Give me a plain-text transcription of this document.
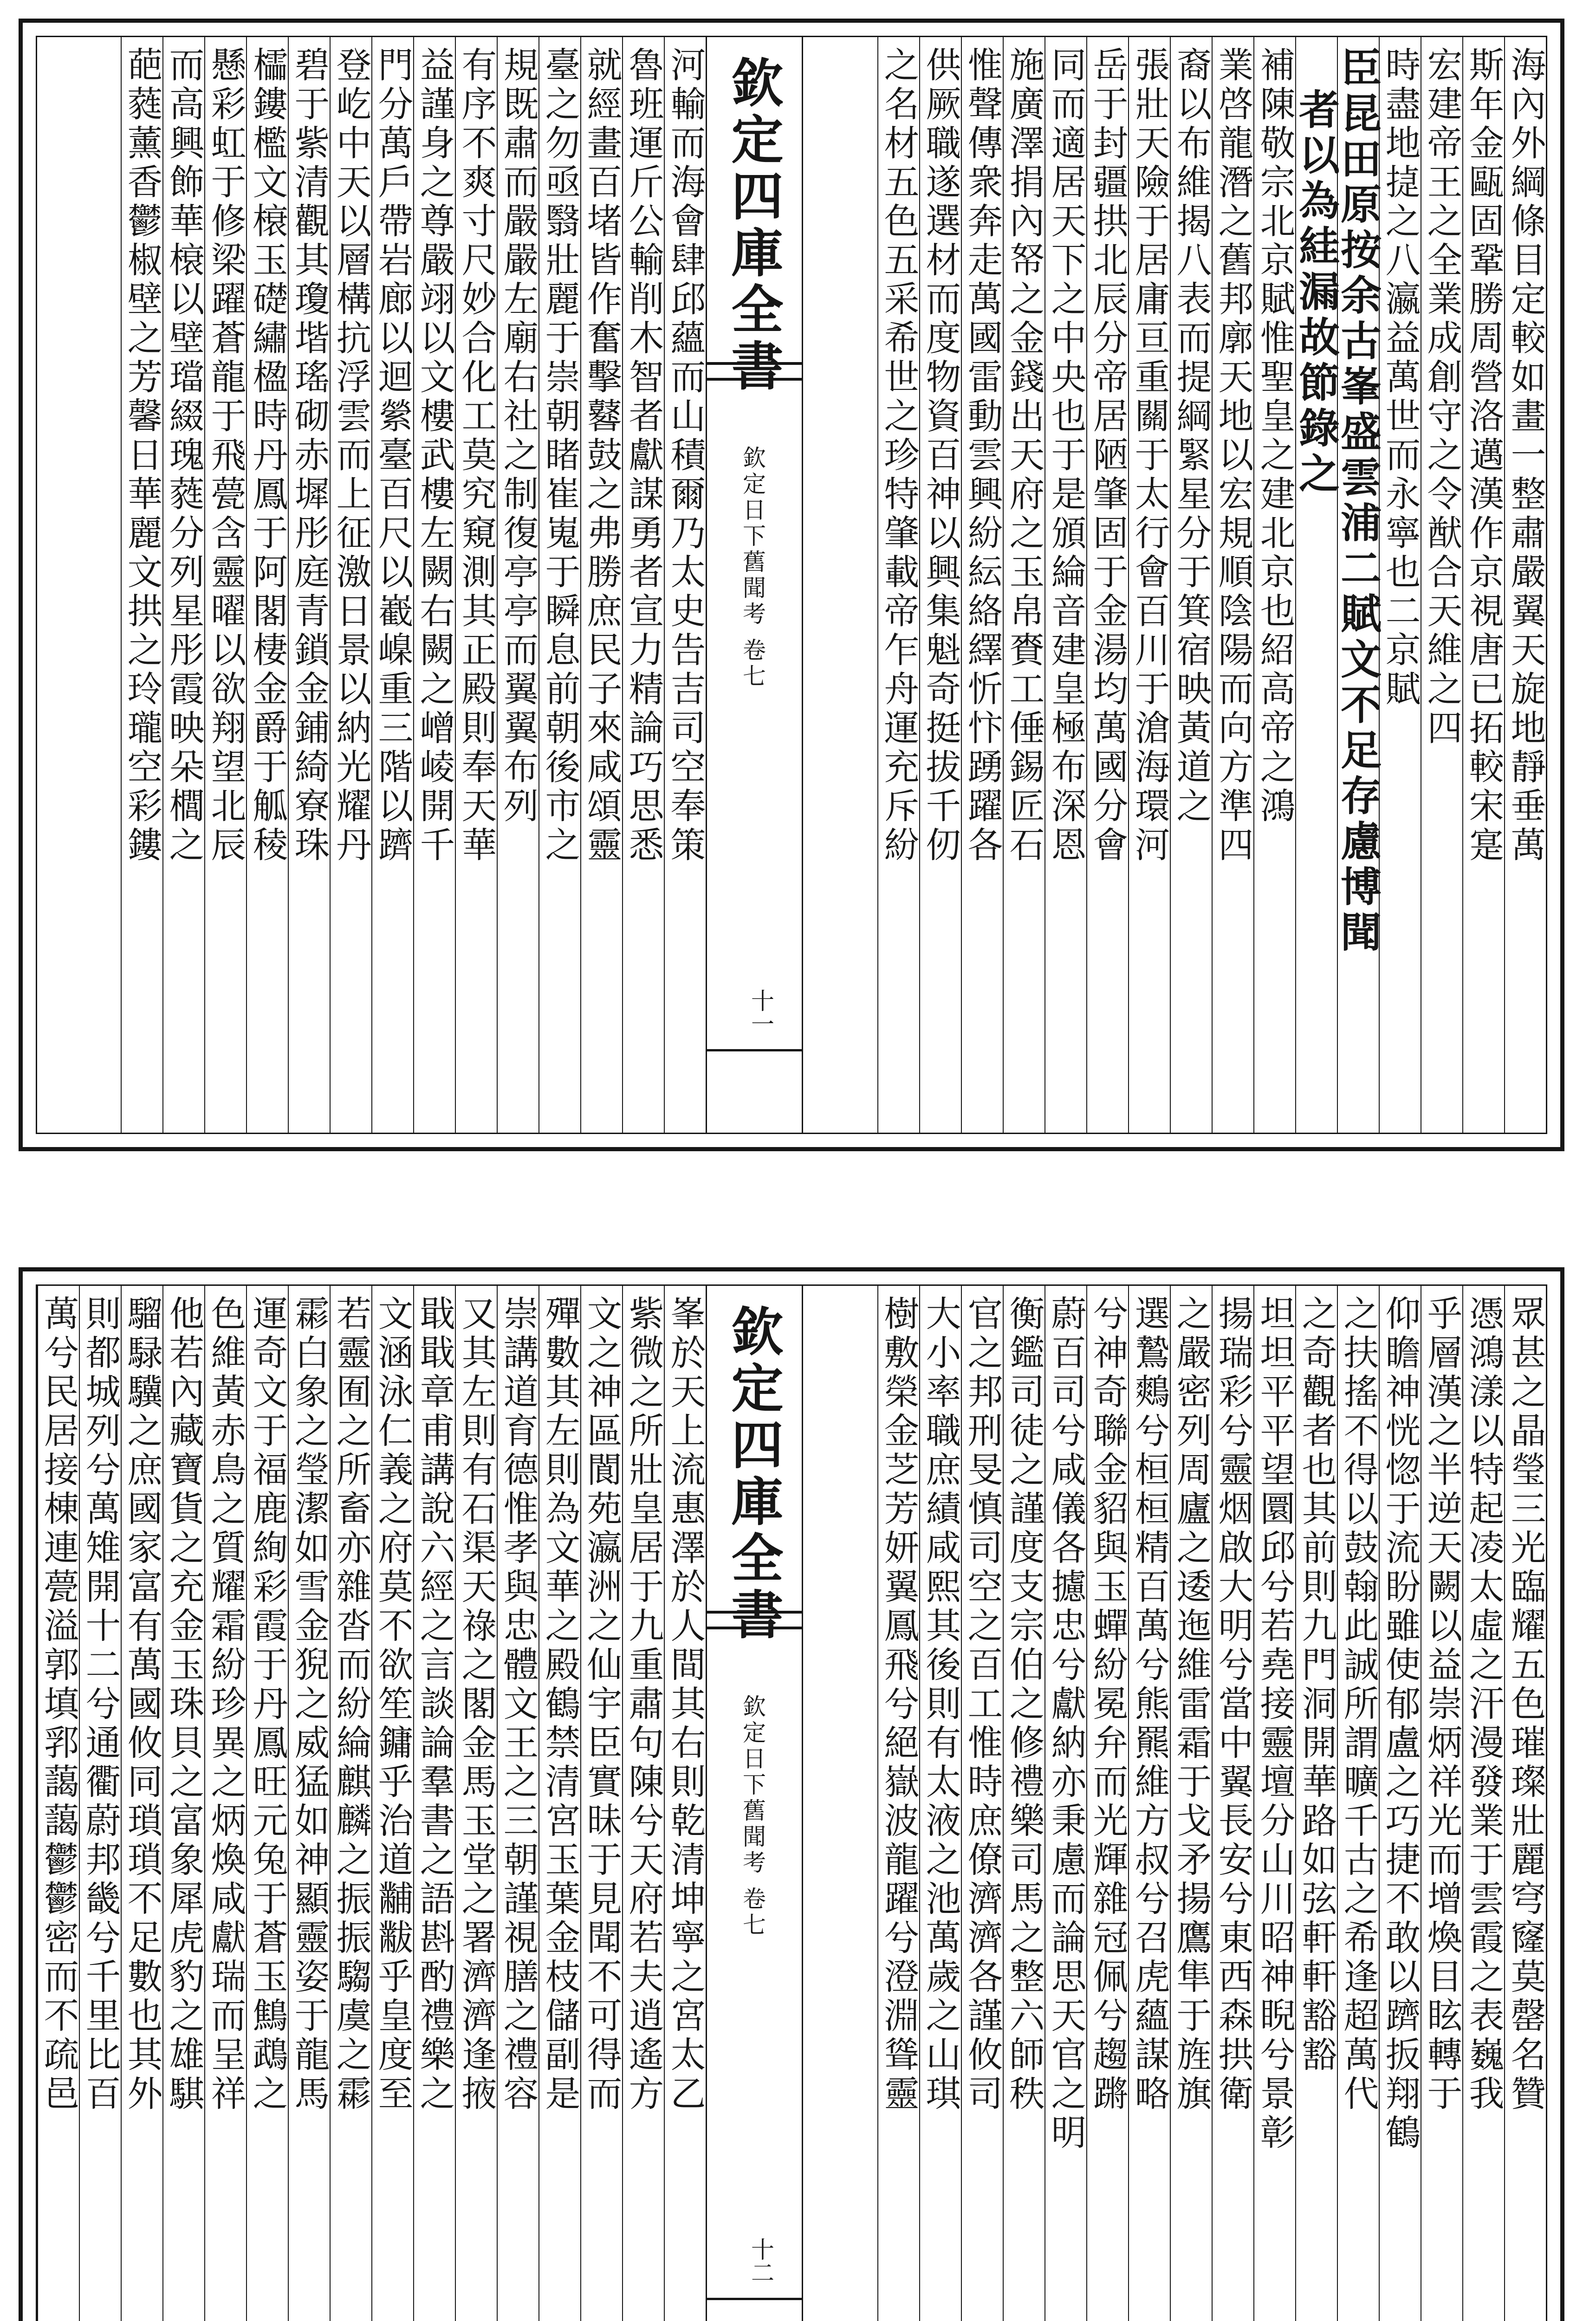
海內外綱條目定較如畫一整肅嚴翼天旋地靜垂萬
斯年金甌固鞏勝周營洛邁漢作京視唐已拓較宋寔
宏建帝王之全業成創守之令猷合天維之四
時盡地㨗之八瀛益萬世而永寧也二京賦
臣昆田原按余古峯盛雲浦二賦文不足存慮博聞
者以為絓漏故節錄之
補陳敬宗北京賦惟聖皇之建北京也紹高帝之鴻
業啓龍潛之舊邦廓天地以宏規順陰陽而向方準四
裔以布維揭八表而提綱緊星分于箕宿映黃道之
張壯天險于居庸亘重關于太行會百川于滄海環河
岳于封疆拱北辰分帝居陋肇固于金湯均萬國分會
同而適居天下之中央也于是頒綸音建皇極布深恩
施廣澤捐內帑之金錢出天府之玉帛賚工倕錫匠石
惟聲傳衆奔走萬國雷動雲興紛紜絡繹忻忭踴躍各
供厥職遂選材而度物資百神以興集魁奇挺拔千仞
之名材五色五采希世之珍特肇載帝乍舟運充斥紛
欽定四庫全書
欽定日下舊聞考 卷七
十一
河輸而海會肆邱蘊而山積爾乃太史告吉司空奉策
魯班運斤公輸削木智者獻謀勇者宣力精論巧思悉
就經畫百堵皆作奮擊鼛鼓之弗勝庶民子來咸頌靈
臺之勿亟翳壯麗于崇朝睹崔嵬于瞬息前朝後市之
規既肅而嚴嚴左廟右社之制復亭亭而翼翼布列
有序不爽寸尺妙合化工莫究窺測其正殿則奉天華
益謹身之尊嚴翊以文樓武樓左闕右闕之嶒崚開千
門分萬戶帶岩廊以迴縈臺百尺以嶻嵲重三階以躋
登屹中天以層構抗浮雲而上征激日景以納光耀丹
碧于紫清觀其瓊堦瑤砌赤墀彤庭青鎖金鋪綺寮珠
櫺鏤檻文榱玉礎繡楹時丹鳳于阿閣棲金爵于觚稜
懸彩虹于修梁躍蒼龍于飛甍含靈曜以欲翔望北辰
而高興飾華榱以壁璫綴瑰蕤分列星彤霞映朵櫚之
葩蕤薰香鬱椒壁之芳馨日華麗文拱之玲瓏空彩鏤
眾甚之晶瑩三光臨耀五色璀璨壯麗穹窿莫罄名贊
憑鴻漾以特起凌太虛之汗漫發業于雲霞之表巍我
乎層漢之半逆天闕以益崇炳祥光而增煥目眩轉于
仰瞻神恍惚于流盼雖使郁盧之巧捷不敢以躋扳翔鶴
之扶搖不得以鼓翰此誠所謂曠千古之希逢超萬代
之奇觀者也其前則九門洞開華路如弦軒軒豁豁
坦坦平平望圜邱兮若堯接靈壇分山川昭神睨兮景彰
揚瑞彩兮靈烟啟大明兮當中翼長安兮東西森拱衛
之嚴密列周廬之逶迤維雷霜于戈矛揚鷹隼于旌旗
選鷙鷞兮桓桓精百萬兮熊羆維方叔兮召虎蘊謀略
兮神奇聯金貂與玉蟬紛冕弁而光輝雜冠佩兮趨蹡
蔚百司兮咸儀各攄忠兮獻納亦秉慮而論思天官之明
衡鑑司徒之謹度支宗伯之修禮樂司馬之整六師秩
官之邦刑旻慎司空之百工惟時庶僚濟濟各謹攸司
大小率職庶績咸熙其後則有太液之池萬歲之山琪
樹敷榮金芝芳妍翼鳳飛兮絕嶽波龍躍兮澄淵聳靈
欽定四庫全書
欽定日下舊聞考 卷七
十二
峯於天上流惠澤於人間其右則乾清坤寧之宮太乙
紫微之所壯皇居于九重肅句陳兮天府若夫逍遙方
文之神區閬苑瀛洲之仙宇臣實昧于見聞不可得而
殫數其左則為文華之殿鶴禁清宮玉葉金枝儲副是
崇講道育德惟孝與忠體文王之三朝謹視膳之禮容
又其左則有石渠天祿之閣金馬玉堂之署濟濟逢掖
戢戢章甫講說六經之言談論羣書之語斟酌禮樂之
文涵泳仁義之府莫不欲笙鏞乎治道黼黻乎皇度至
若靈囿之所畜亦雜沓而紛綸麒麟之振振騶虞之霦
霦白象之瑩潔如雪金猊之威猛如神顯靈姿于龍馬
運奇文于福鹿絢彩霞于丹鳳旺元兔于蒼玉鷦鵡之
色維黃赤鳥之質耀霜紛珍異之炳煥咸獻瑞而呈祥
他若內藏寶貨之充金玉珠貝之富象犀虎豹之雄騏
騮騄驥之庶國家富有萬國攸同瑣瑣不足數也其外
則都城列兮萬雉開十二兮通衢蔚邦畿兮千里比百
萬兮民居接棟連甍溢郭填郛藹藹鬱鬱密而不疏邑
